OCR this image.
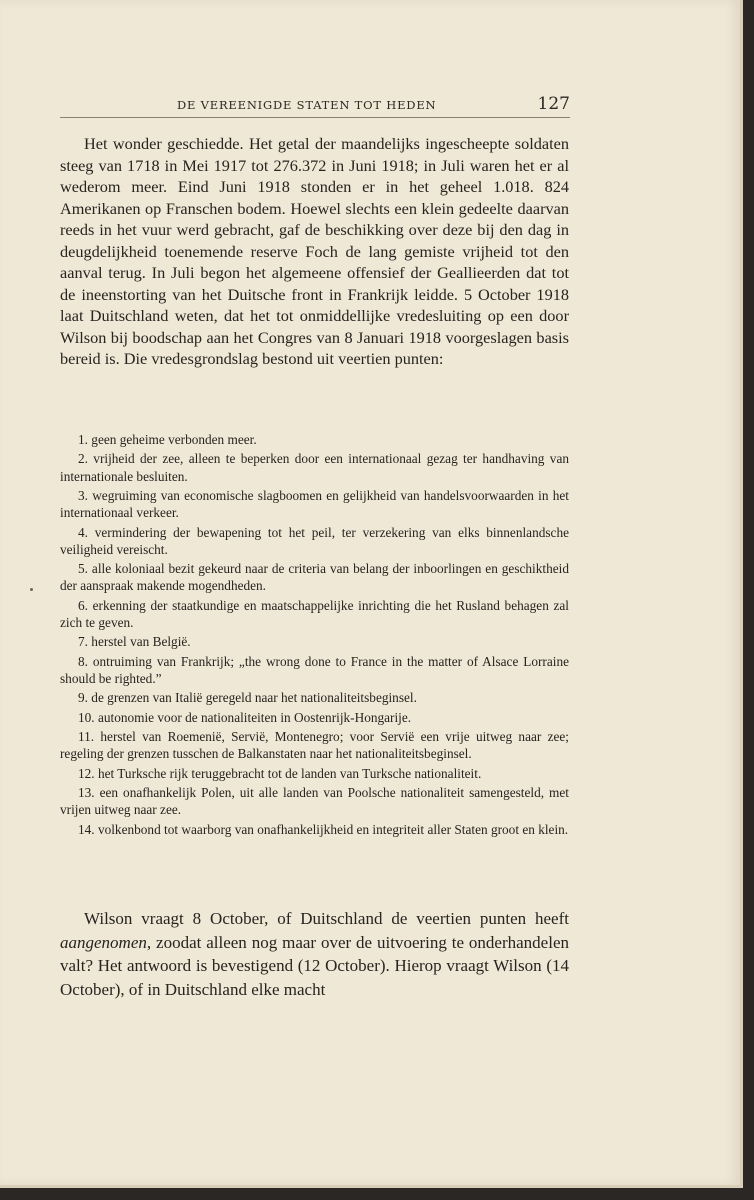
DE VEREENIGDE STATEN TOT HEDEN	127

Het wonder geschiedde. Het getal der maandelijks ingescheepte soldaten steeg van 1718 in Mei 1917 tot 276.372 in Juni 1918; in Juli waren het er al wederom meer. Eind Juni 1918 stonden er in het geheel 1.018. 824 Amerikanen op Franschen bodem. Hoewel slechts een klein gedeelte daarvan reeds in het vuur werd gebracht, gaf de beschikking over deze bij den dag in deugdelijkheid toenemende reserve Foch de lang gemiste vrijheid tot den aanval terug. In Juli begon het algemeene offensief der Geallieerden dat tot de ineenstorting van het Duitsche front in Frankrijk leidde. 5 October 1918 laat Duitschland weten, dat het tot onmiddellijke vredesluiting op een door Wilson bij boodschap aan het Congres van 8 Januari 1918 voorgeslagen basis bereid is. Die vredesgrondslag bestond uit veertien punten:

1. geen geheime verbonden meer.
2. vrijheid der zee, alleen te beperken door een internationaal gezag ter handhaving van internationale besluiten.
3. wegruiming van economische slagboomen en gelijkheid van handelsvoorwaarden in het internationaal verkeer.
4. vermindering der bewapening tot het peil, ter verzekering van elks binnenlandsche veiligheid vereischt.
5. alle koloniaal bezit gekeurd naar de criteria van belang der inboorlingen en geschiktheid der aanspraak makende mogendheden.
6. erkenning der staatkundige en maatschappelijke inrichting die het Rusland behagen zal zich te geven.
7. herstel van België.
8. ontruiming van Frankrijk; „the wrong done to France in the matter of Alsace Lorraine should be righted.”
9. de grenzen van Italië geregeld naar het nationaliteitsbeginsel.
10. autonomie voor de nationaliteiten in Oostenrijk-Hongarije.
11. herstel van Roemenië, Servië, Montenegro; voor Servië een vrije uitweg naar zee; regeling der grenzen tusschen de Balkanstaten naar het nationaliteitsbeginsel.
12. het Turksche rijk teruggebracht tot de landen van Turksche nationaliteit.
13. een onafhankelijk Polen, uit alle landen van Poolsche nationaliteit samengesteld, met vrijen uitweg naar zee.
14. volkenbond tot waarborg van onafhankelijkheid en integriteit aller Staten groot en klein.

Wilson vraagt 8 October, of Duitschland de veertien punten heeft aangenomen, zoodat alleen nog maar over de uitvoering te onderhandelen valt? Het antwoord is bevestigend (12 October). Hierop vraagt Wilson (14 October), of in Duitschland elke macht
